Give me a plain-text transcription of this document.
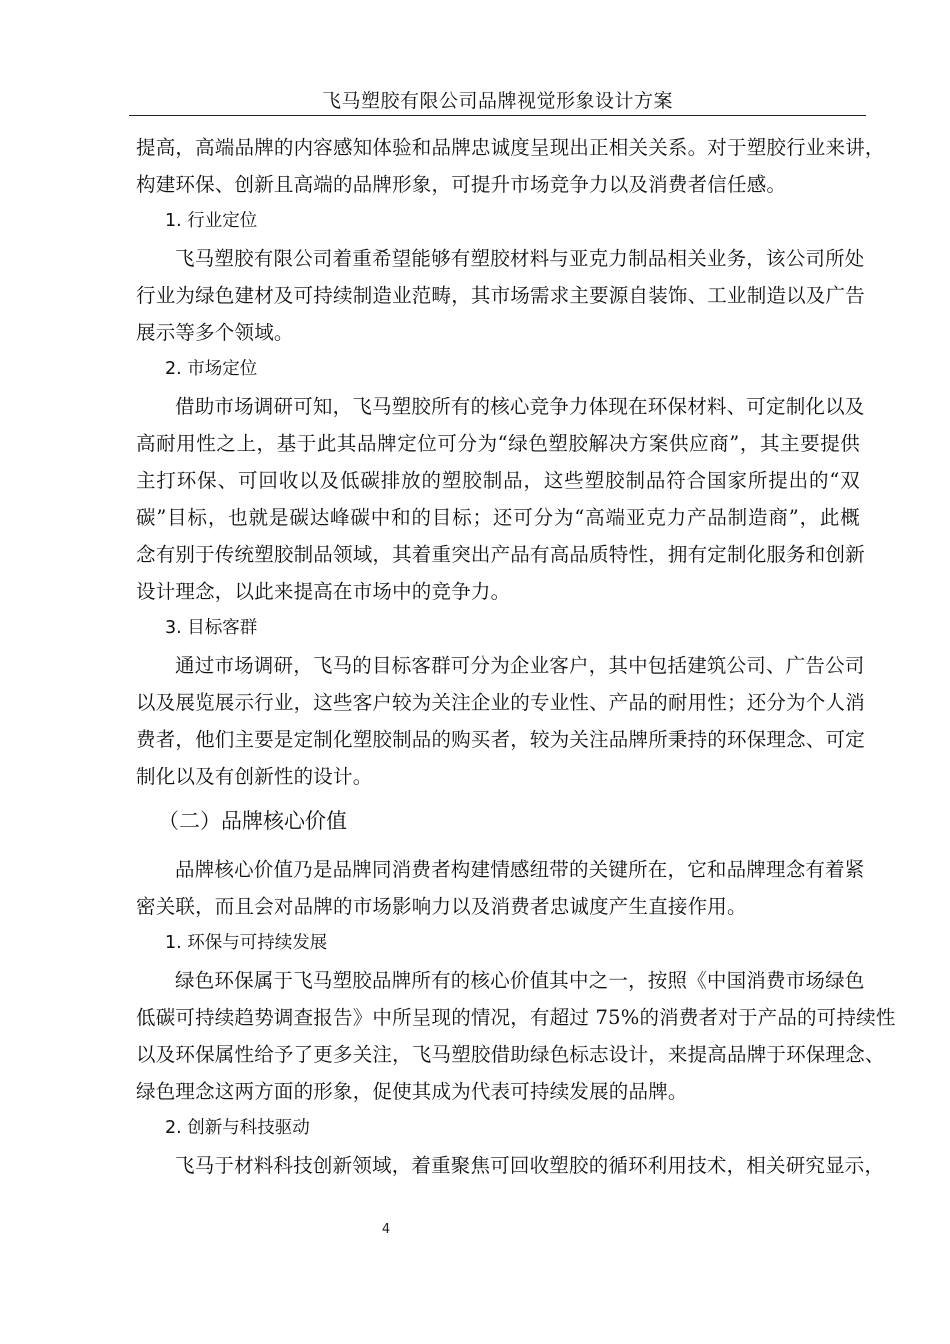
飞马塑胶有限公司品牌视觉形象设计方案
提高，高端品牌的内容感知体验和品牌忠诚度呈现出正相关关系。对于塑胶行业来讲，
构建环保、创新且高端的品牌形象，可提升市场竞争力以及消费者信任感。
1. 行业定位
飞马塑胶有限公司着重希望能够有塑胶材料与亚克力制品相关业务，该公司所处
行业为绿色建材及可持续制造业范畴，其市场需求主要源自装饰、工业制造以及广告
展示等多个领域。
2. 市场定位
借助市场调研可知，飞马塑胶所有的核心竞争力体现在环保材料、可定制化以及
高耐用性之上，基于此其品牌定位可分为“绿色塑胶解决方案供应商”，其主要提供
主打环保、可回收以及低碳排放的塑胶制品，这些塑胶制品符合国家所提出的“双
碳”目标，也就是碳达峰碳中和的目标；还可分为“高端亚克力产品制造商”，此概
念有别于传统塑胶制品领域，其着重突出产品有高品质特性，拥有定制化服务和创新
设计理念，以此来提高在市场中的竞争力。
3. 目标客群
通过市场调研，飞马的目标客群可分为企业客户，其中包括建筑公司、广告公司
以及展览展示行业，这些客户较为关注企业的专业性、产品的耐用性；还分为个人消
费者，他们主要是定制化塑胶制品的购买者，较为关注品牌所秉持的环保理念、可定
制化以及有创新性的设计。
（二）品牌核心价值
品牌核心价值乃是品牌同消费者构建情感纽带的关键所在，它和品牌理念有着紧
密关联，而且会对品牌的市场影响力以及消费者忠诚度产生直接作用。
1. 环保与可持续发展
绿色环保属于飞马塑胶品牌所有的核心价值其中之一，按照《中国消费市场绿色
低碳可持续趋势调查报告》中所呈现的情况，有超过 75%的消费者对于产品的可持续性
以及环保属性给予了更多关注，飞马塑胶借助绿色标志设计，来提高品牌于环保理念、
绿色理念这两方面的形象，促使其成为代表可持续发展的品牌。
2. 创新与科技驱动
飞马于材料科技创新领域，着重聚焦可回收塑胶的循环利用技术，相关研究显示，
4
